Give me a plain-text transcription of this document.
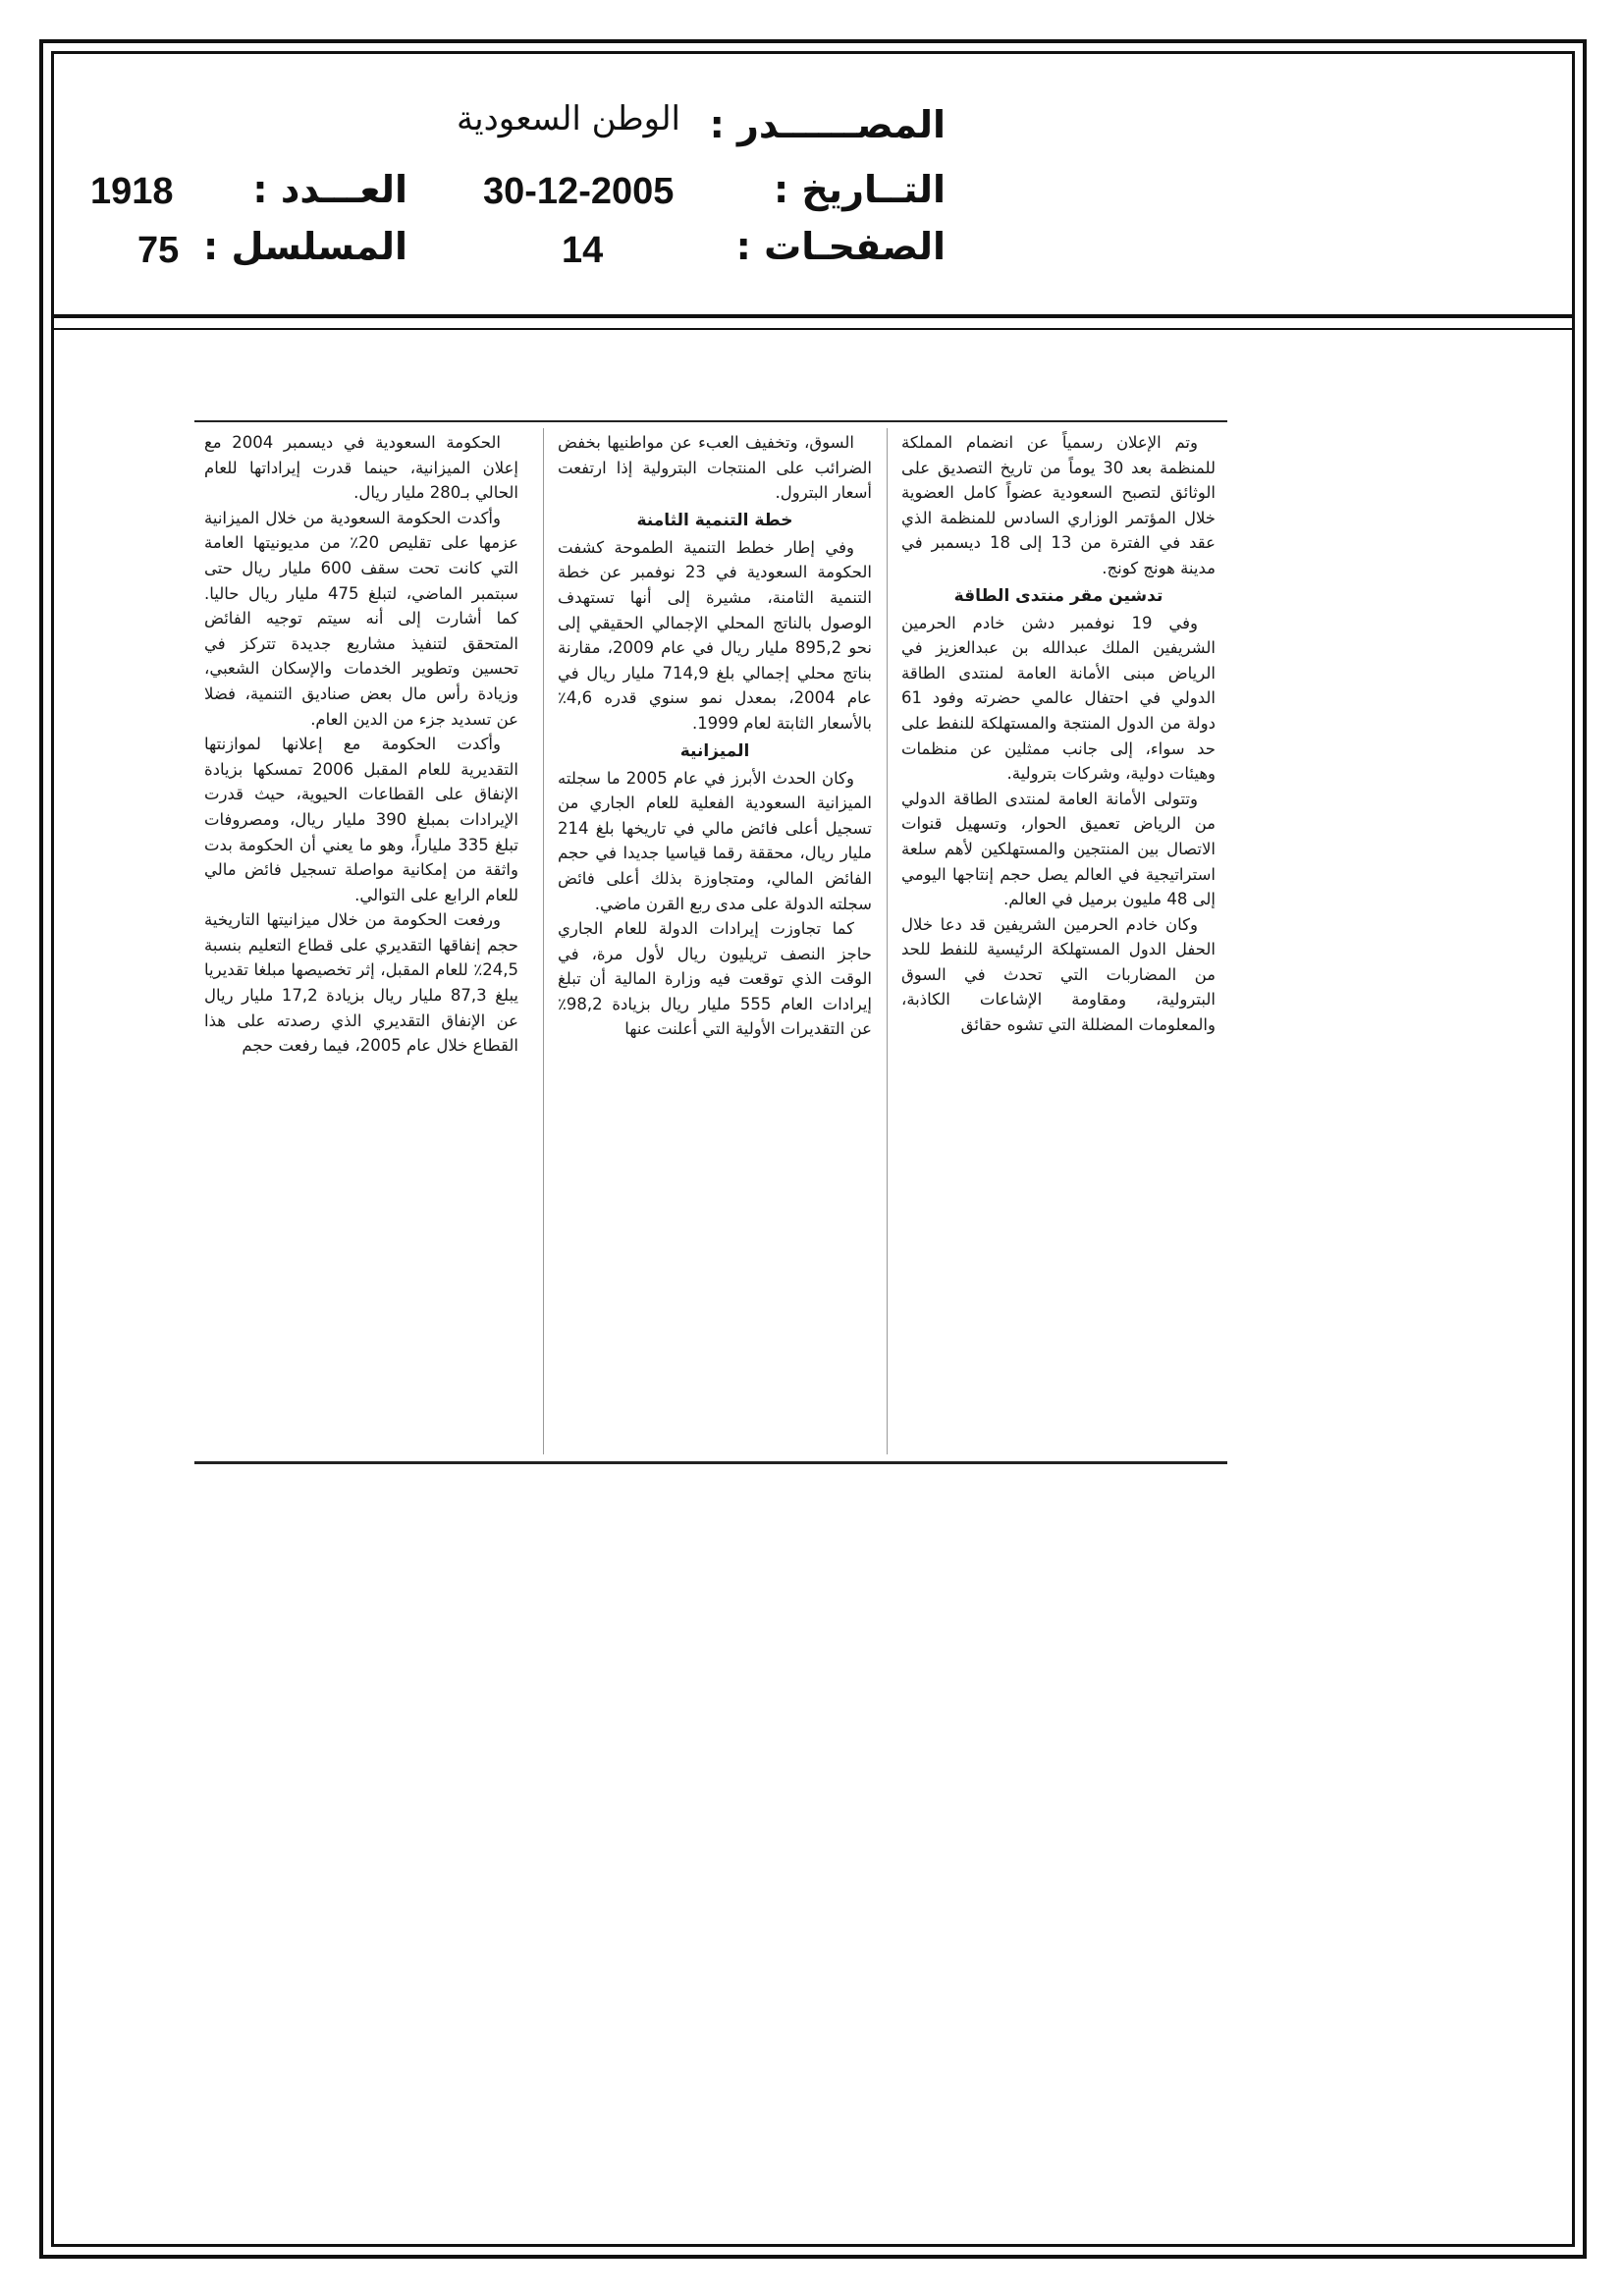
المصــــــدر :
الوطن السعودية
التــاريخ :
30-12-2005
العـــدد :
1918
الصفحـات :
14
المسلسل :
75

وتم الإعلان رسمياً عن انضمام المملكة للمنظمة بعد 30 يوماً من تاريخ التصديق على الوثائق لتصبح السعودية عضواً كامل العضوية خلال المؤتمر الوزاري السادس للمنظمة الذي عقد في الفترة من 13 إلى 18 ديسمبر في مدينة هونج كونج.

تدشين مقر منتدى الطاقة

وفي 19 نوفمبر دشن خادم الحرمين الشريفين الملك عبدالله بن عبدالعزيز في الرياض مبنى الأمانة العامة لمنتدى الطاقة الدولي في احتفال عالمي حضرته وفود 61 دولة من الدول المنتجة والمستهلكة للنفط على حد سواء، إلى جانب ممثلين عن منظمات وهيئات دولية، وشركات بترولية.

وتتولى الأمانة العامة لمنتدى الطاقة الدولي من الرياض تعميق الحوار، وتسهيل قنوات الاتصال بين المنتجين والمستهلكين لأهم سلعة استراتيجية في العالم يصل حجم إنتاجها اليومي إلى 48 مليون برميل في العالم.

وكان خادم الحرمين الشريفين قد دعا خلال الحفل الدول المستهلكة الرئيسية للنفط للحد من المضاربات التي تحدث في السوق البترولية، ومقاومة الإشاعات الكاذبة، والمعلومات المضللة التي تشوه حقائق

السوق، وتخفيف العبء عن مواطنيها بخفض الضرائب على المنتجات البترولية إذا ارتفعت أسعار البترول.

خطة التنمية الثامنة

وفي إطار خطط التنمية الطموحة كشفت الحكومة السعودية في 23 نوفمبر عن خطة التنمية الثامنة، مشيرة إلى أنها تستهدف الوصول بالناتج المحلي الإجمالي الحقيقي إلى نحو 895,2 مليار ريال في عام 2009، مقارنة بناتج محلي إجمالي بلغ 714,9 مليار ريال في عام 2004، بمعدل نمو سنوي قدره 4,6٪ بالأسعار الثابتة لعام 1999.

الميزانية

وكان الحدث الأبرز في عام 2005 ما سجلته الميزانية السعودية الفعلية للعام الجاري من تسجيل أعلى فائض مالي في تاريخها بلغ 214 مليار ريال، محققة رقما قياسيا جديدا في حجم الفائض المالي، ومتجاوزة بذلك أعلى فائض سجلته الدولة على مدى ربع القرن ماضي.

كما تجاوزت إيرادات الدولة للعام الجاري حاجز النصف تريليون ريال لأول مرة، في الوقت الذي توقعت فيه وزارة المالية أن تبلغ إيرادات العام 555 مليار ريال بزيادة 98,2٪ عن التقديرات الأولية التي أعلنت عنها

الحكومة السعودية في ديسمبر 2004 مع إعلان الميزانية، حينما قدرت إيراداتها للعام الحالي بـ280 مليار ريال.

وأكدت الحكومة السعودية من خلال الميزانية عزمها على تقليص 20٪ من مديونيتها العامة التي كانت تحت سقف 600 مليار ريال حتى سبتمبر الماضي، لتبلغ 475 مليار ريال حاليا. كما أشارت إلى أنه سيتم توجيه الفائض المتحقق لتنفيذ مشاريع جديدة تتركز في تحسين وتطوير الخدمات والإسكان الشعبي، وزيادة رأس مال بعض صناديق التنمية، فضلا عن تسديد جزء من الدين العام.

وأكدت الحكومة مع إعلانها لموازنتها التقديرية للعام المقبل 2006 تمسكها بزيادة الإنفاق على القطاعات الحيوية، حيث قدرت الإيرادات بمبلغ 390 مليار ريال، ومصروفات تبلغ 335 ملياراً، وهو ما يعني أن الحكومة بدت واثقة من إمكانية مواصلة تسجيل فائض مالي للعام الرابع على التوالي.

ورفعت الحكومة من خلال ميزانيتها التاريخية حجم إنفاقها التقديري على قطاع التعليم بنسبة 24,5٪ للعام المقبل، إثر تخصيصها مبلغا تقديريا يبلغ 87,3 مليار ريال بزيادة 17,2 مليار ريال عن الإنفاق التقديري الذي رصدته على هذا القطاع خلال عام 2005، فيما رفعت حجم
